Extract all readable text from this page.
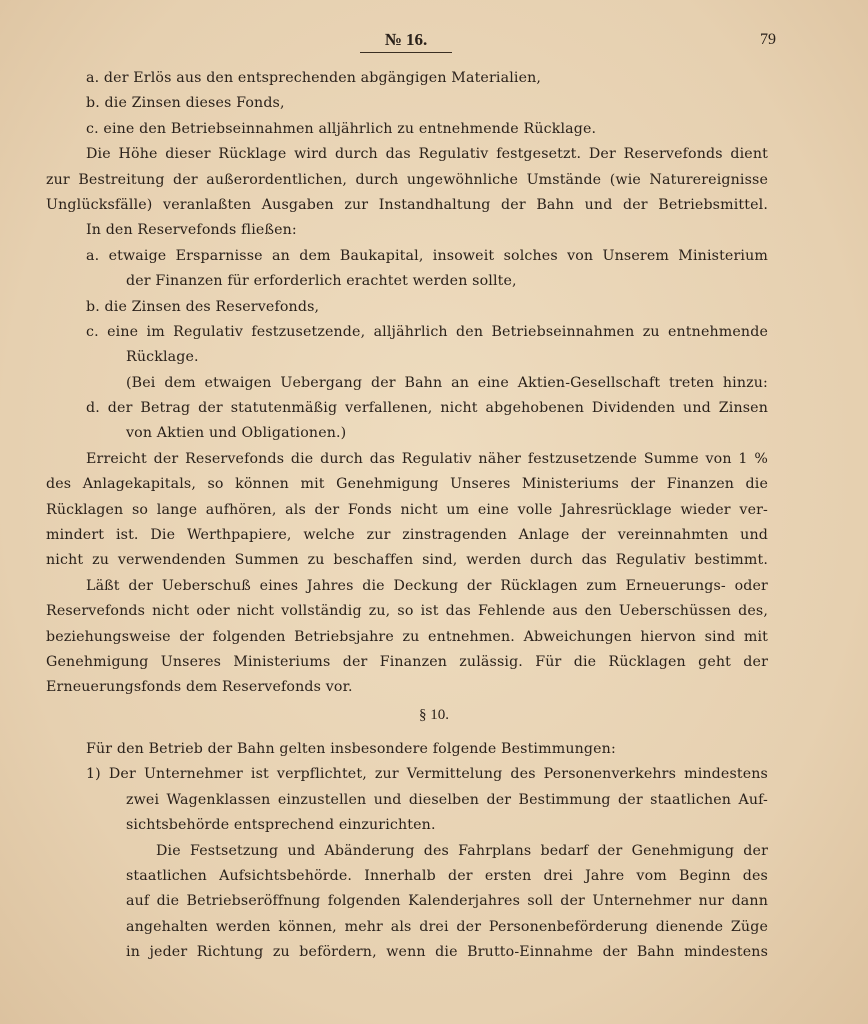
№ 16.	79
a. der Erlös aus den entsprechenden abgängigen Materialien,
b. die Zinsen dieses Fonds,
c. eine den Betriebseinnahmen alljährlich zu entnehmende Rücklage.
Die Höhe dieser Rücklage wird durch das Regulativ festgesetzt. Der Reservefonds dient
zur Bestreitung der außerordentlichen, durch ungewöhnliche Umstände (wie Naturereignisse
Unglücksfälle) veranlaßten Ausgaben zur Instandhaltung der Bahn und der Betriebsmittel.
In den Reservefonds fließen:
a. etwaige Ersparnisse an dem Baukapital, insoweit solches von Unserem Ministerium
der Finanzen für erforderlich erachtet werden sollte,
b. die Zinsen des Reservefonds,
c. eine im Regulativ festzusetzende, alljährlich den Betriebseinnahmen zu entnehmende
Rücklage.
(Bei dem etwaigen Uebergang der Bahn an eine Aktien-Gesellschaft treten hinzu:
d. der Betrag der statutenmäßig verfallenen, nicht abgehobenen Dividenden und Zinsen
von Aktien und Obligationen.)
Erreicht der Reservefonds die durch das Regulativ näher festzusetzende Summe von 1 %
des Anlagekapitals, so können mit Genehmigung Unseres Ministeriums der Finanzen die
Rücklagen so lange aufhören, als der Fonds nicht um eine volle Jahresrücklage wieder ver-
mindert ist. Die Werthpapiere, welche zur zinstragenden Anlage der vereinnahmten und
nicht zu verwendenden Summen zu beschaffen sind, werden durch das Regulativ bestimmt.
Läßt der Ueberschuß eines Jahres die Deckung der Rücklagen zum Erneuerungs- oder
Reservefonds nicht oder nicht vollständig zu, so ist das Fehlende aus den Ueberschüssen des,
beziehungsweise der folgenden Betriebsjahre zu entnehmen. Abweichungen hiervon sind mit
Genehmigung Unseres Ministeriums der Finanzen zulässig. Für die Rücklagen geht der
Erneuerungsfonds dem Reservefonds vor.
§ 10.
Für den Betrieb der Bahn gelten insbesondere folgende Bestimmungen:
1) Der Unternehmer ist verpflichtet, zur Vermittelung des Personenverkehrs mindestens
zwei Wagenklassen einzustellen und dieselben der Bestimmung der staatlichen Auf-
sichtsbehörde entsprechend einzurichten.
Die Festsetzung und Abänderung des Fahrplans bedarf der Genehmigung der
staatlichen Aufsichtsbehörde. Innerhalb der ersten drei Jahre vom Beginn des
auf die Betriebseröffnung folgenden Kalenderjahres soll der Unternehmer nur dann
angehalten werden können, mehr als drei der Personenbeförderung dienende Züge
in jeder Richtung zu befördern, wenn die Brutto-Einnahme der Bahn mindestens
